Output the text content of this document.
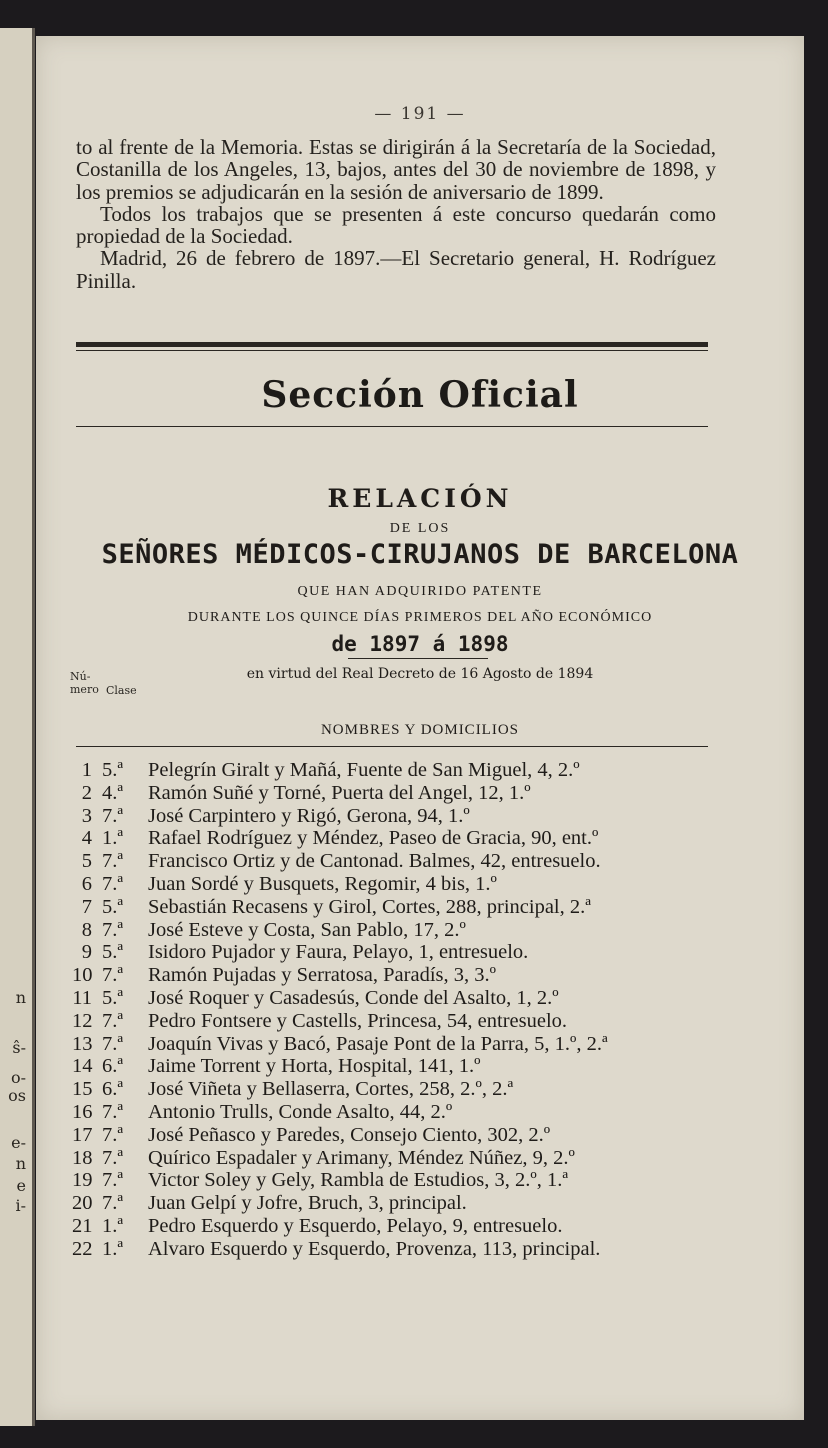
n
ŝ-
o-
os
e-
n
e
i-
— 191 —

to al frente de la Memoria. Estas se dirigirán á la Secretaría de la Sociedad, Costanilla de los Angeles, 13, bajos, antes del 30 de noviembre de 1898, y los premios se adjudicarán en la sesión de aniversario de 1899.

Todos los trabajos que se presenten á este concurso quedarán como propiedad de la Sociedad.

Madrid, 26 de febrero de 1897.—El Secretario general, H. Rodríguez Pinilla.

Sección Oficial
RELACIÓN
DE LOS
SEÑORES MÉDICOS-CIRUJANOS DE BARCELONA
QUE HAN ADQUIRIDO PATENTE
DURANTE LOS QUINCE DÍAS PRIMEROS DEL AÑO ECONÓMICO
de 1897 á 1898
en virtud del Real Decreto de 16 Agosto de 1894
Nú-
mero Clase
NOMBRES Y DOMICILIOS
1 5.ª	Pelegrín Giralt y Mañá, Fuente de San Miguel, 4, 2.º
2 4.ª	Ramón Suñé y Torné, Puerta del Angel, 12, 1.º
3 7.ª	José Carpintero y Rigó, Gerona, 94, 1.º
4 1.ª	Rafael Rodríguez y Méndez, Paseo de Gracia, 90, ent.º
5 7.ª	Francisco Ortiz y de Cantonad. Balmes, 42, entresuelo.
6 7.ª	Juan Sordé y Busquets, Regomir, 4 bis, 1.º
7 5.ª	Sebastián Recasens y Girol, Cortes, 288, principal, 2.ª
8 7.ª	José Esteve y Costa, San Pablo, 17, 2.º
9 5.ª	Isidoro Pujador y Faura, Pelayo, 1, entresuelo.
10 7.ª	Ramón Pujadas y Serratosa, Paradís, 3, 3.º
11 5.ª	José Roquer y Casadesús, Conde del Asalto, 1, 2.º
12 7.ª	Pedro Fontsere y Castells, Princesa, 54, entresuelo.
13 7.ª	Joaquín Vivas y Bacó, Pasaje Pont de la Parra, 5, 1.º, 2.ª
14 6.ª	Jaime Torrent y Horta, Hospital, 141, 1.º
15 6.ª	José Viñeta y Bellaserra, Cortes, 258, 2.º, 2.ª
16 7.ª	Antonio Trulls, Conde Asalto, 44, 2.º
17 7.ª	José Peñasco y Paredes, Consejo Ciento, 302, 2.º
18 7.ª	Quírico Espadaler y Arimany, Méndez Núñez, 9, 2.º
19 7.ª	Victor Soley y Gely, Rambla de Estudios, 3, 2.º, 1.ª
20 7.ª	Juan Gelpí y Jofre, Bruch, 3, principal.
21 1.ª	Pedro Esquerdo y Esquerdo, Pelayo, 9, entresuelo.
22 1.ª	Alvaro Esquerdo y Esquerdo, Provenza, 113, principal.
